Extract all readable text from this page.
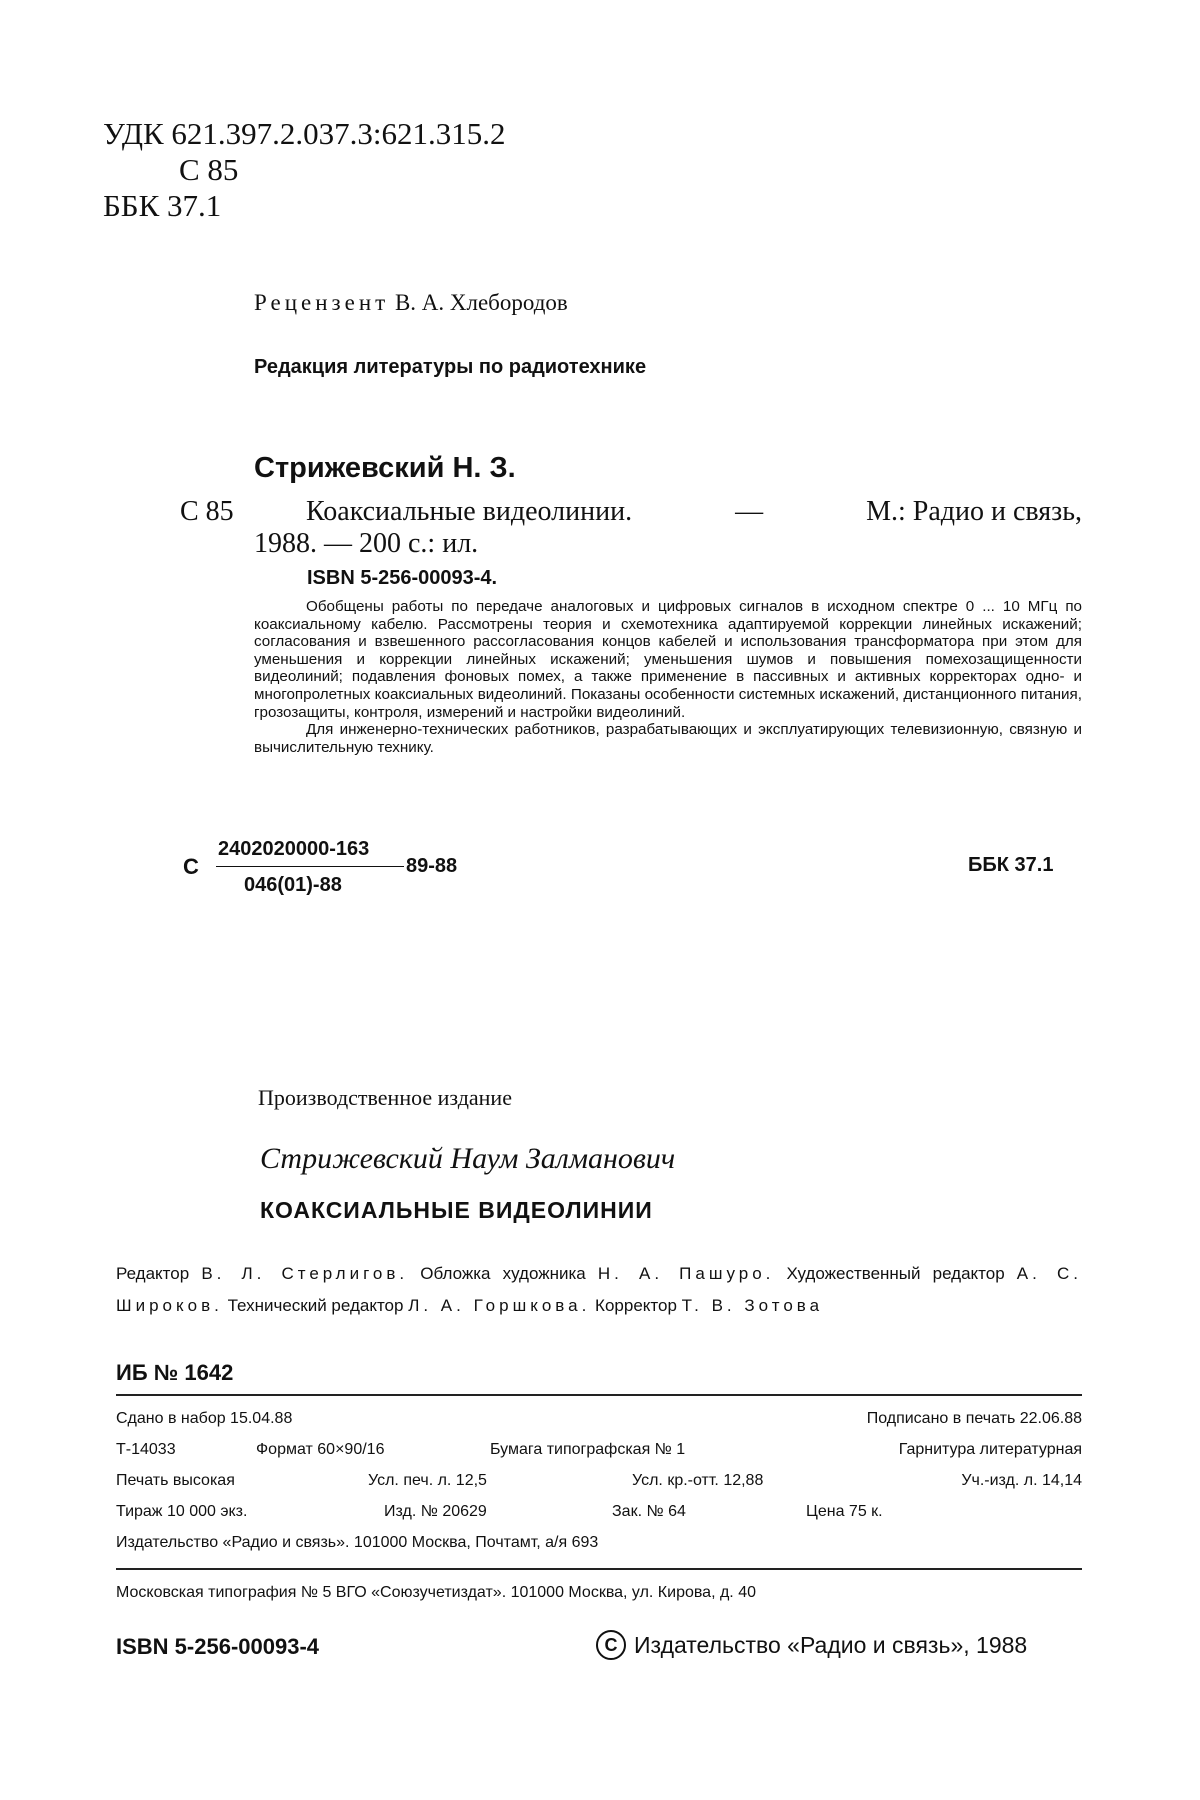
УДК 621.397.2.037.3:621.315.2
С 85
ББК 37.1
Рецензент В. А. Хлебородов
Редакция литературы по радиотехнике
Стрижевский Н. З.
С 85	Коаксиальные видеолинии.	—	М.: Радио и связь,
1988. — 200 с.: ил.
ISBN 5-256-00093-4.

Обобщены работы по передаче аналоговых и цифровых сигналов в исходном спектре 0 ... 10 МГц по коаксиальному кабелю. Рассмотрены теория и схемотехника адаптируемой коррекции линейных искажений; согласования и взвешенного рассогласования концов кабелей и использования трансформатора при этом для уменьшения и коррекции линейных искажений; уменьшения шумов и повышения помехозащищенности видеолиний; подавления фоновых помех, а также применение в пассивных и активных корректорах одно- и многопролетных коаксиальных видеолиний. Показаны особенности системных искажений, дистанционного питания, грозозащиты, контроля, измерений и настройки видеолиний.

Для инженерно-технических работников, разрабатывающих и эксплуатирующих телевизионную, связную и вычислительную технику.

С
2402020000-163
046(01)-88
89-88	ББК 37.1
Производственное издание
Стрижевский Наум Залманович
КОАКСИАЛЬНЫЕ ВИДЕОЛИНИИ
Редактор В. Л. Стерлигов. Обложка художника Н. А. Пашуро. Художественный редактор А. С. Широков. Технический редактор Л. А. Горшкова. Корректор Т. В. Зотова
ИБ № 1642
Сдано в набор 15.04.88	Подписано в печать 22.06.88
Т-14033	Формат 60×90/16	Бумага типографская № 1	Гарнитура литературная
Печать высокая	Усл. печ. л. 12,5	Усл. кр.-отт. 12,88	Уч.-изд. л. 14,14
Тираж 10 000 экз.	Изд. № 20629	Зак. № 64	Цена 75 к.
Издательство «Радио и связь». 101000 Москва, Почтамт, а/я 693
Московская типография № 5 ВГО «Союзучетиздат». 101000 Москва, ул. Кирова, д. 40
ISBN 5-256-00093-4	C Издательство «Радио и связь», 1988
